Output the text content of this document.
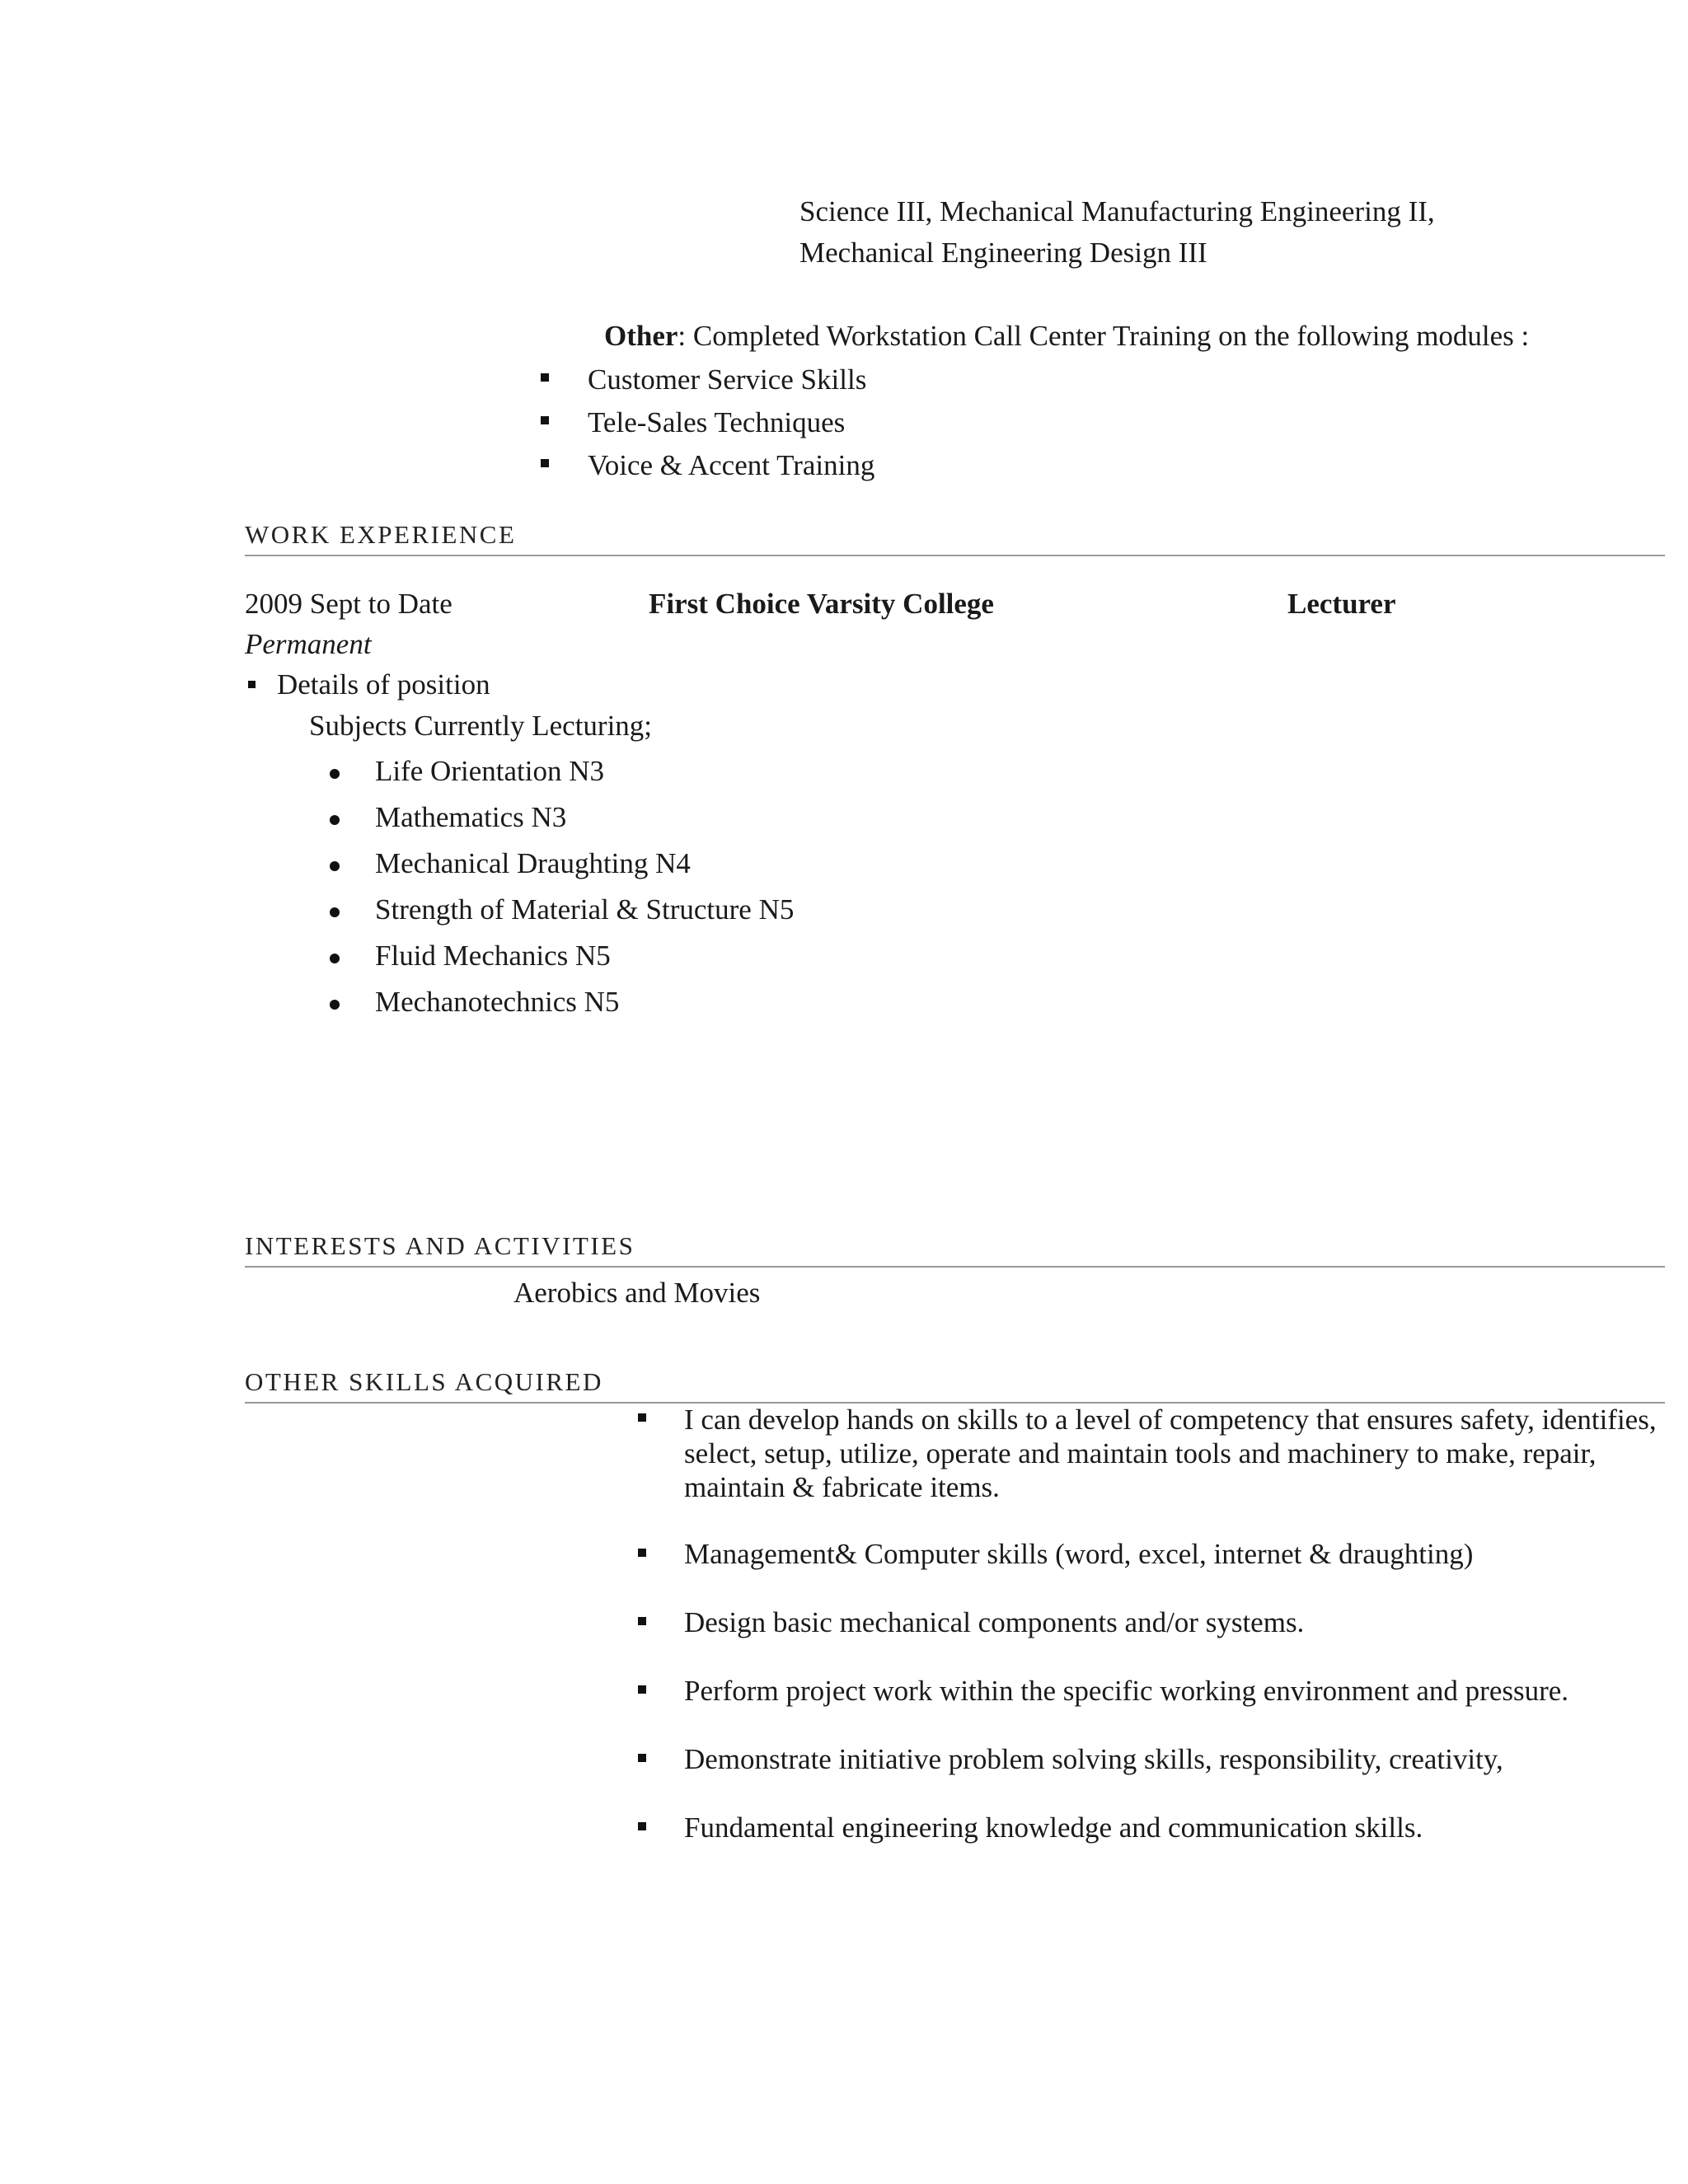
Science III, Mechanical Manufacturing Engineering II,
Mechanical Engineering Design III
Other: Completed Workstation Call Center Training on the following modules :
Customer Service Skills
Tele-Sales Techniques
Voice & Accent Training
WORK EXPERIENCE
2009 Sept to Date	First Choice Varsity College	Lecturer
Permanent
Details of position
Subjects Currently Lecturing;
Life Orientation N3
Mathematics N3
Mechanical Draughting N4
Strength of Material & Structure N5
Fluid Mechanics N5
Mechanotechnics N5
INTERESTS AND ACTIVITIES
Aerobics and Movies
OTHER SKILLS ACQUIRED
I can develop hands on skills to a level of competency that ensures safety, identifies, select, setup, utilize, operate and maintain tools and machinery to make, repair, maintain & fabricate items.
Management& Computer skills (word, excel, internet & draughting)
Design basic mechanical components and/or systems.
Perform project work within the specific working environment and pressure.
Demonstrate initiative problem solving skills, responsibility, creativity,
Fundamental engineering knowledge and communication skills.
